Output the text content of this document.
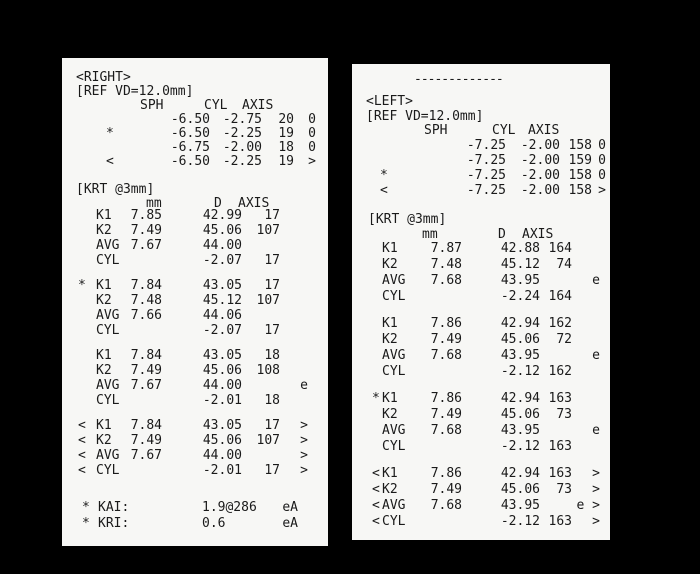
<RIGHT>
[REF VD=12.0mm]
SPH	CYL AXIS
-6.50 -2.75 20 0
*	-6.50 -2.25 19 0
-6.75 -2.00 18 0
<	-6.50 -2.25 19 >
[KRT @3mm]
mm	D AXIS
K1 7.85	42.99 17
K2 7.49	45.06 107
AVG 7.67	44.00
CYL	-2.07 17
* K1 7.84	43.05 17
K2 7.48	45.12 107
AVG 7.66	44.06
CYL	-2.07 17
K1 7.84	43.05 18
K2 7.49	45.06 108
AVG 7.67	44.00	e
CYL	-2.01 18
< K1 7.84	43.05 17 >
< K2 7.49	45.06 107 >
< AVG 7.67	44.00	>
< CYL	-2.01 17 >
* KAI:	1.9@286 eA
* KRI:	0.6	eA
-------------
<LEFT>
[REF VD=12.0mm]
SPH	CYL AXIS
-7.25 -2.00 158 0
-7.25 -2.00 159 0
*	-7.25 -2.00 158 0
<	-7.25 -2.00 158 >
[KRT @3mm]
mm	D AXIS
K1	7.87	42.88 164
K2	7.48	45.12 74
AVG 7.68	43.95	e
CYL	-2.24 164
K1	7.86	42.94 162
K2	7.49	45.06 72
AVG 7.68	43.95	e
CYL	-2.12 162
* K1	7.86	42.94 163
K2	7.49	45.06 73
AVG 7.68	43.95	e
CYL	-2.12 163
< K1	7.86	42.94 163 >
< K2	7.49	45.06 73 >
< AVG 7.68	43.95	e >
< CYL	-2.12 163 >
